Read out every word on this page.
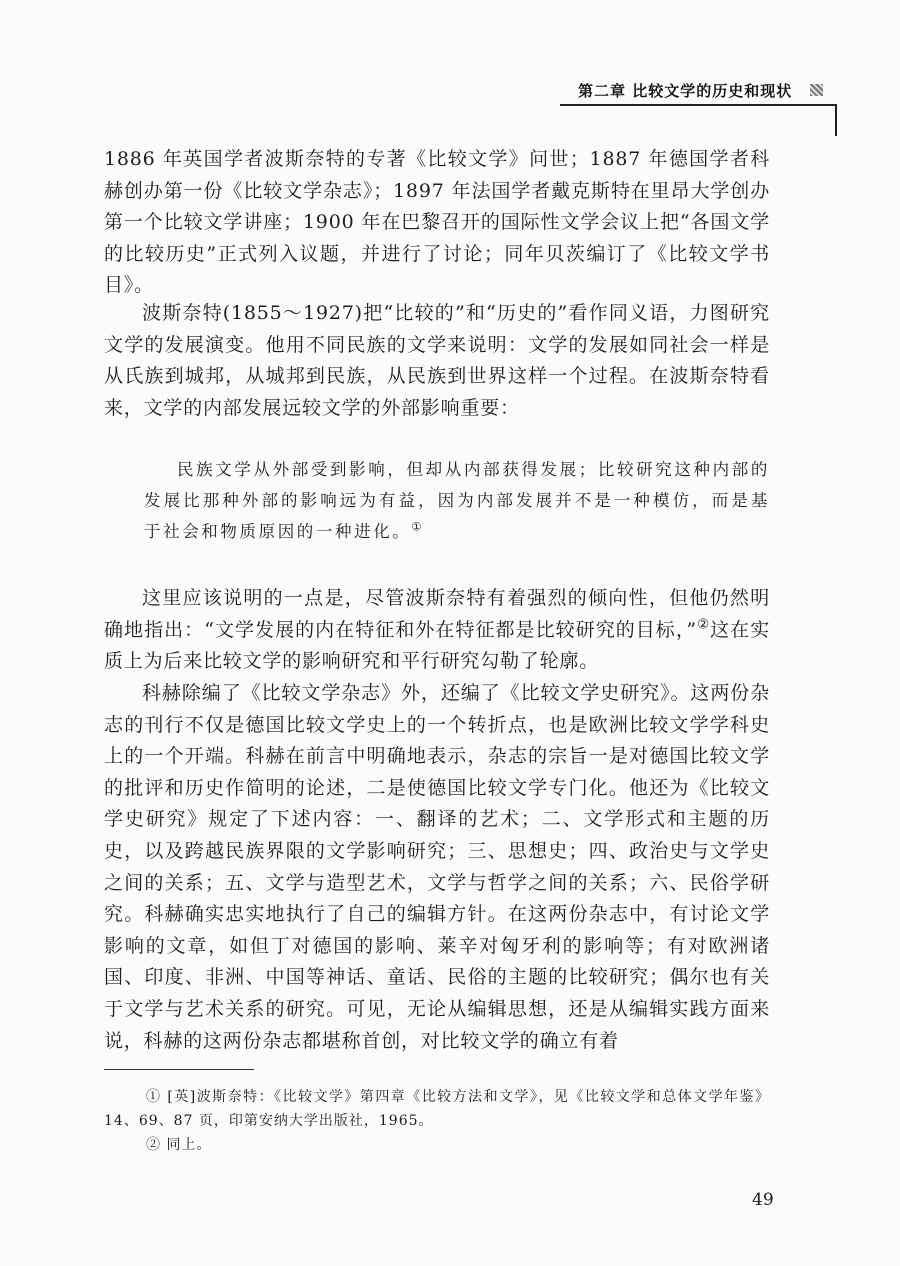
第二章 比较文学的历史和现状

1886 年英国学者波斯奈特的专著《比较文学》问世；1887 年德国学者科赫创办第一份《比较文学杂志》；1897 年法国学者戴克斯特在里昂大学创办第一个比较文学讲座；1900 年在巴黎召开的国际性文学会议上把“各国文学的比较历史”正式列入议题，并进行了讨论；同年贝茨编订了《比较文学书目》。

波斯奈特(1855～1927)把“比较的”和“历史的”看作同义语，力图研究文学的发展演变。他用不同民族的文学来说明：文学的发展如同社会一样是从氏族到城邦，从城邦到民族，从民族到世界这样一个过程。在波斯奈特看来，文学的内部发展远较文学的外部影响重要：

民族文学从外部受到影响，但却从内部获得发展；比较研究这种内部的发展比那种外部的影响远为有益，因为内部发展并不是一种模仿，而是基于社会和物质原因的一种进化。①

这里应该说明的一点是，尽管波斯奈特有着强烈的倾向性，但他仍然明确地指出：“文学发展的内在特征和外在特征都是比较研究的目标，”②这在实质上为后来比较文学的影响研究和平行研究勾勒了轮廓。

科赫除编了《比较文学杂志》外，还编了《比较文学史研究》。这两份杂志的刊行不仅是德国比较文学史上的一个转折点，也是欧洲比较文学学科史上的一个开端。科赫在前言中明确地表示，杂志的宗旨一是对德国比较文学的批评和历史作简明的论述，二是使德国比较文学专门化。他还为《比较文学史研究》规定了下述内容：一、翻译的艺术；二、文学形式和主题的历史，以及跨越民族界限的文学影响研究；三、思想史；四、政治史与文学史之间的关系；五、文学与造型艺术，文学与哲学之间的关系；六、民俗学研究。科赫确实忠实地执行了自己的编辑方针。在这两份杂志中，有讨论文学影响的文章，如但丁对德国的影响、莱辛对匈牙利的影响等；有对欧洲诸国、印度、非洲、中国等神话、童话、民俗的主题的比较研究；偶尔也有关于文学与艺术关系的研究。可见，无论从编辑思想，还是从编辑实践方面来说，科赫的这两份杂志都堪称首创，对比较文学的确立有着

① [英]波斯奈特：《比较文学》第四章《比较方法和文学》，见《比较文学和总体文学年鉴》14、69、87 页，印第安纳大学出版社，1965。

② 同上。

49
